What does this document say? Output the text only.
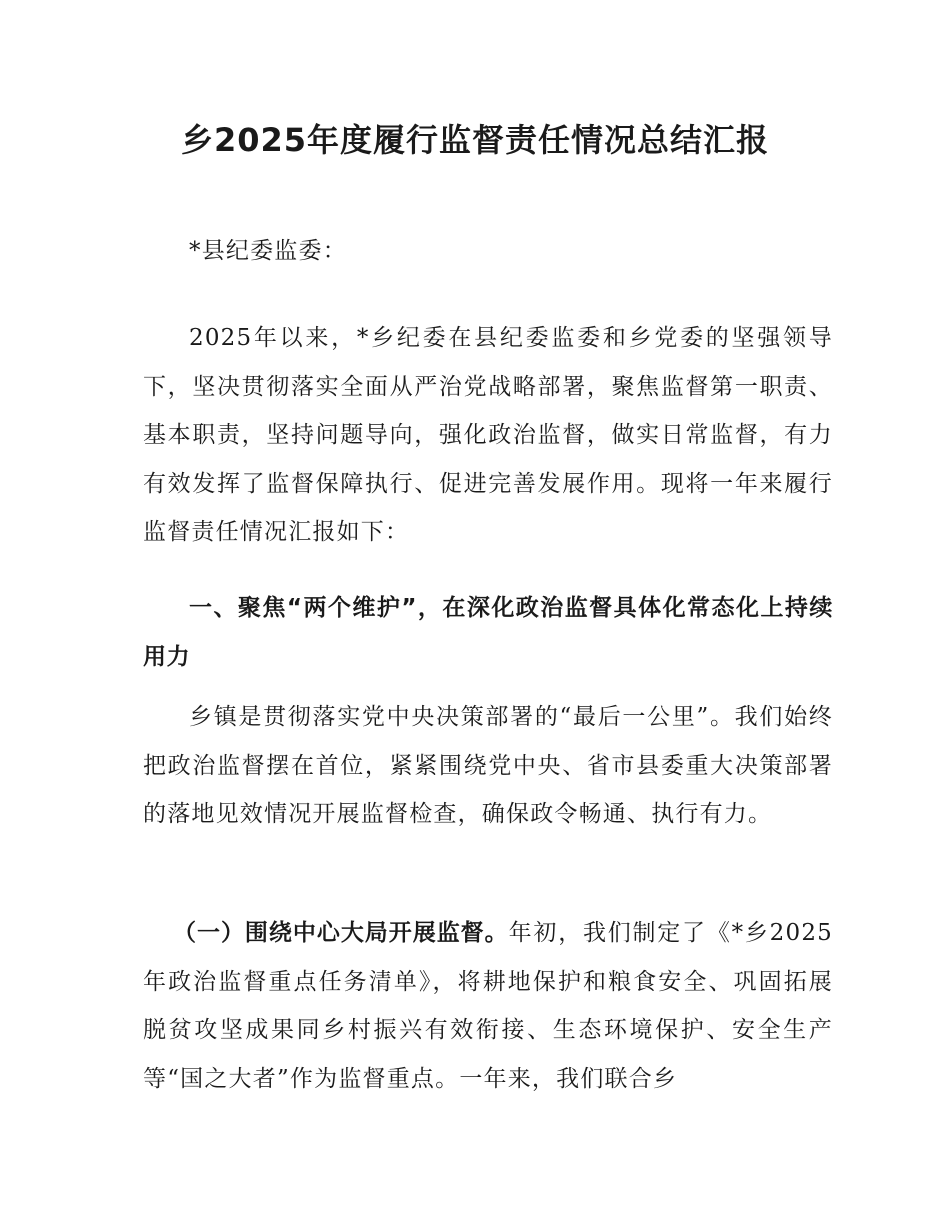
乡2025年度履行监督责任情况总结汇报

*县纪委监委：

2025年以来，*乡纪委在县纪委监委和乡党委的坚强领导下，坚决贯彻落实全面从严治党战略部署，聚焦监督第一职责、基本职责，坚持问题导向，强化政治监督，做实日常监督，有力有效发挥了监督保障执行、促进完善发展作用。现将一年来履行监督责任情况汇报如下：

一、聚焦“两个维护”，在深化政治监督具体化常态化上持续用力

乡镇是贯彻落实党中央决策部署的“最后一公里”。我们始终把政治监督摆在首位，紧紧围绕党中央、省市县委重大决策部署的落地见效情况开展监督检查，确保政令畅通、执行有力。

（一）围绕中心大局开展监督。年初，我们制定了《*乡2025年政治监督重点任务清单》，将耕地保护和粮食安全、巩固拓展脱贫攻坚成果同乡村振兴有效衔接、生态环境保护、安全生产等“国之大者”作为监督重点。一年来，我们联合乡
